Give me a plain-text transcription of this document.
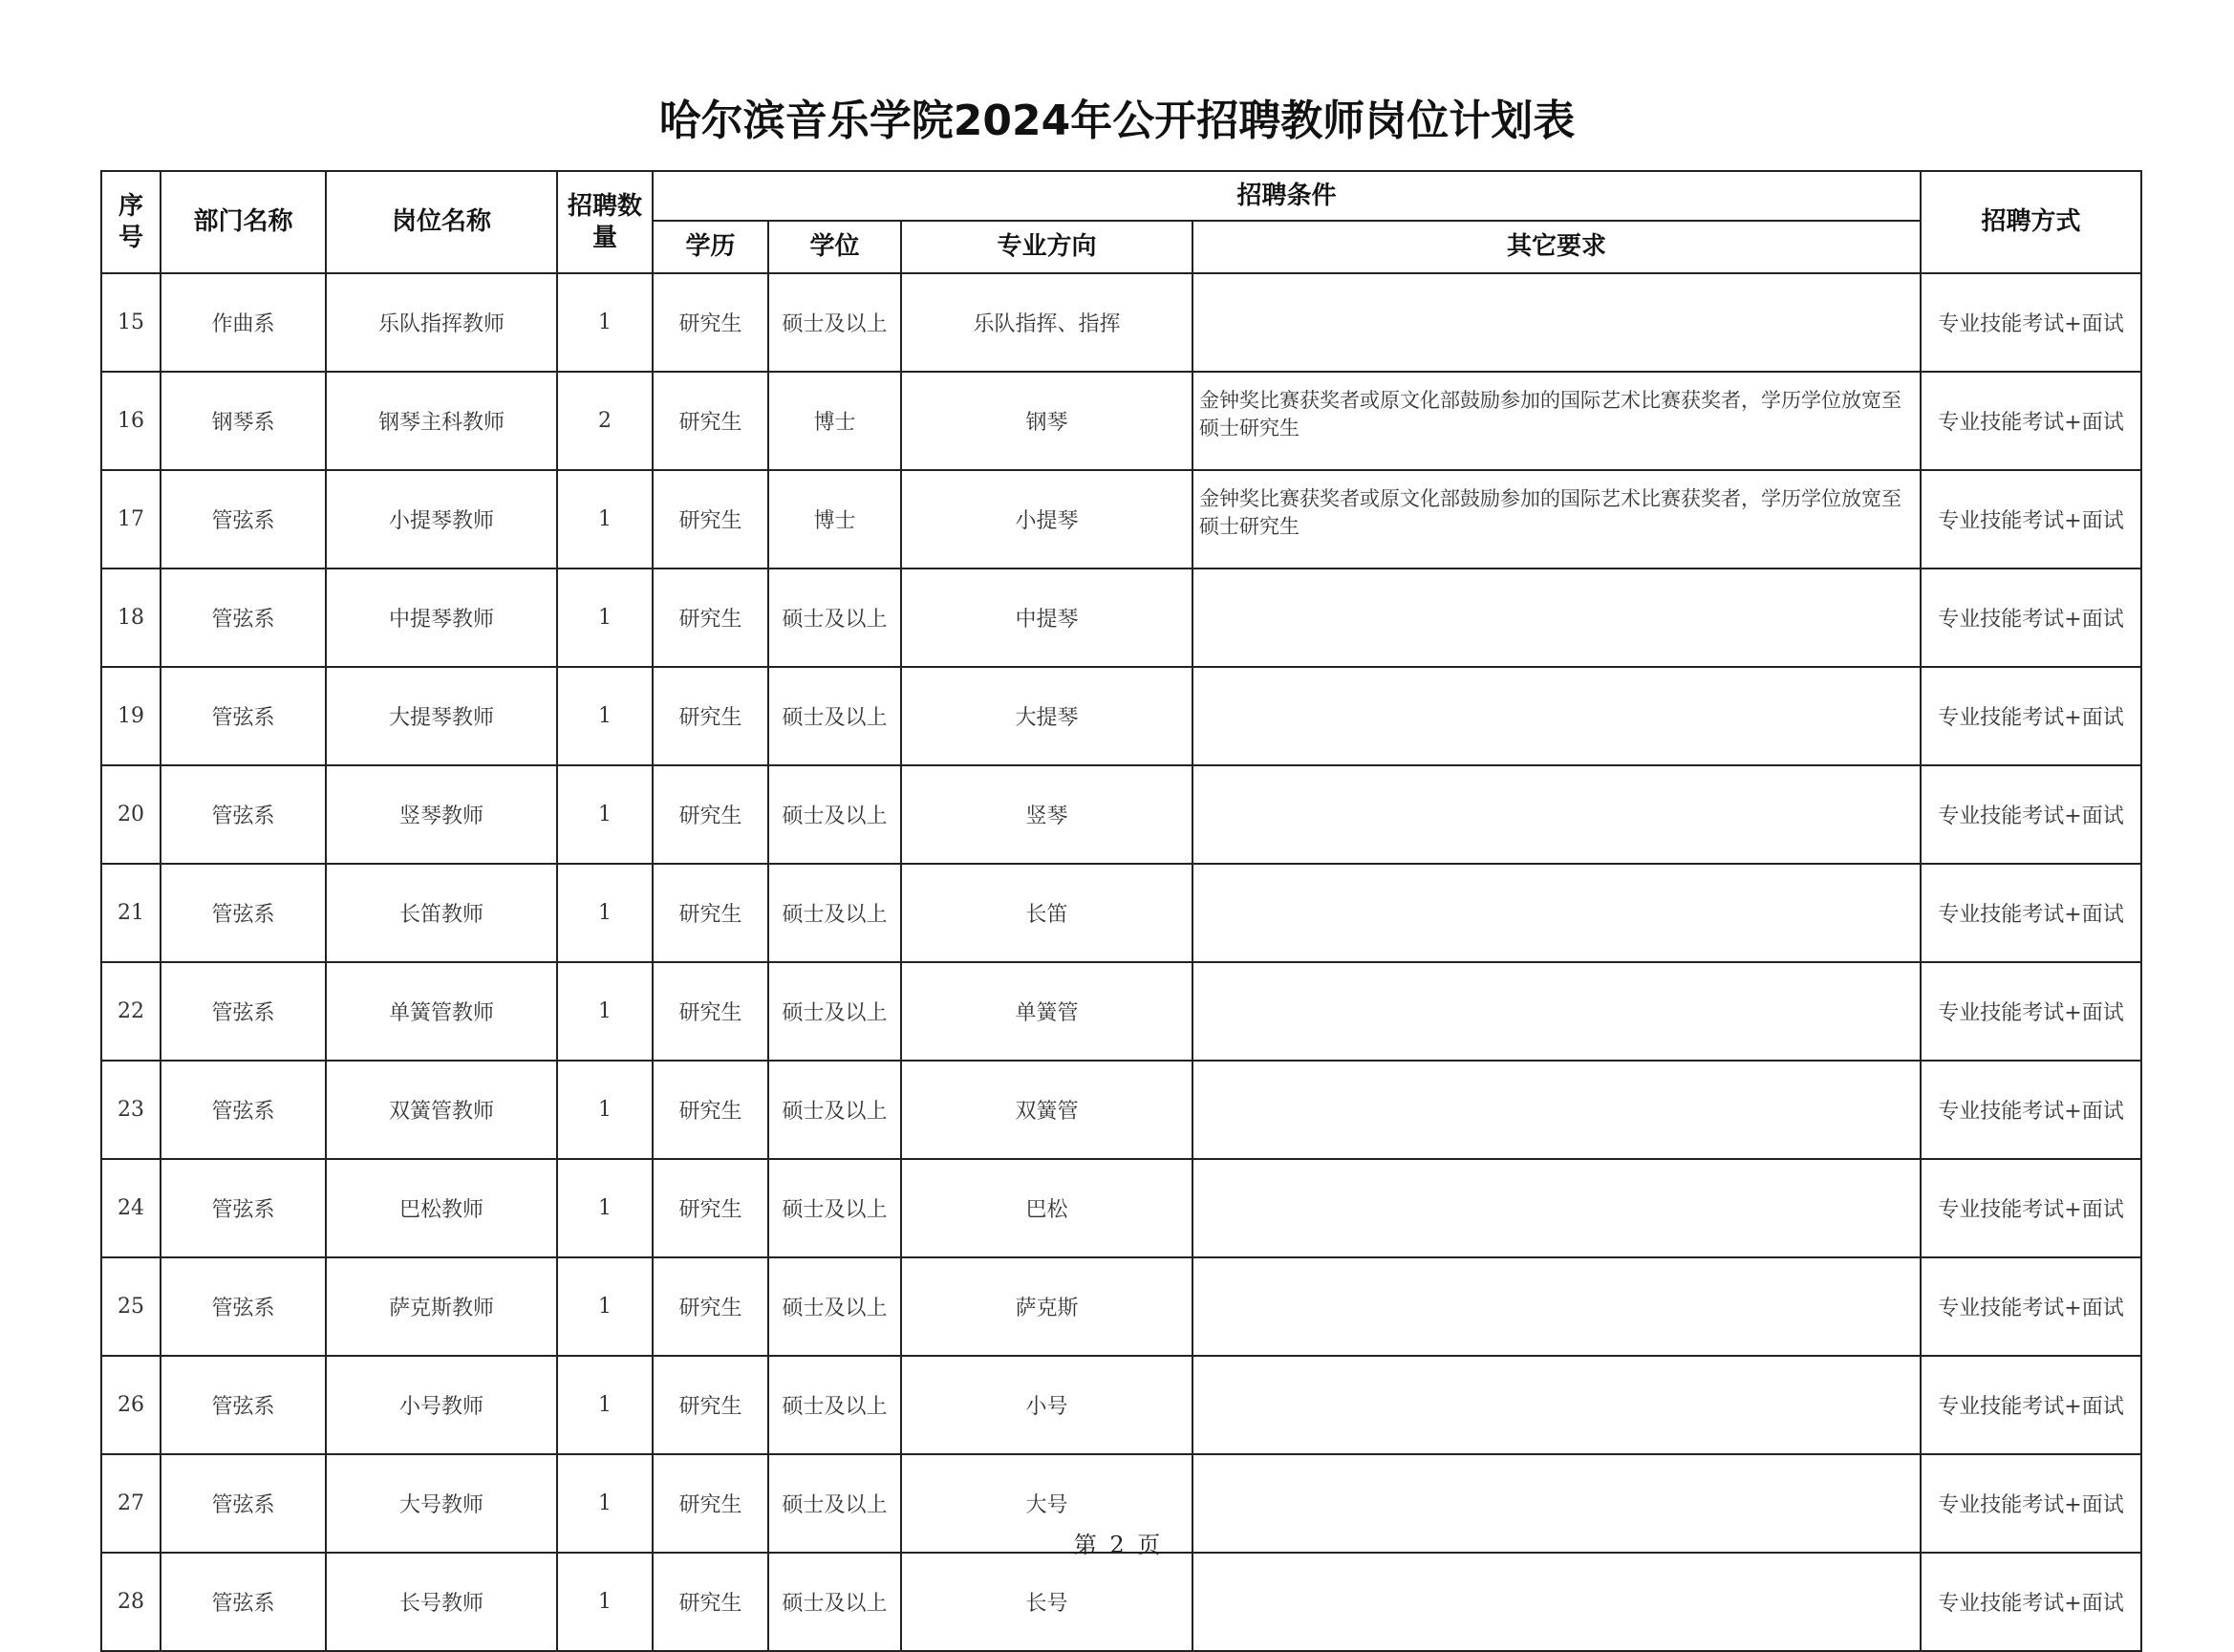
哈尔滨音乐学院2024年公开招聘教师岗位计划表
序号	部门名称	岗位名称	招聘数量	招聘条件				招聘方式
				学历	学位	专业方向	其它要求	
15	作曲系	乐队指挥教师	1	研究生	硕士及以上	乐队指挥、指挥		专业技能考试+面试
16	钢琴系	钢琴主科教师	2	研究生	博士	钢琴	金钟奖比赛获奖者或原文化部鼓励参加的国际艺术比赛获奖者，学历学位放宽至硕士研究生	专业技能考试+面试
17	管弦系	小提琴教师	1	研究生	博士	小提琴	金钟奖比赛获奖者或原文化部鼓励参加的国际艺术比赛获奖者，学历学位放宽至硕士研究生	专业技能考试+面试
18	管弦系	中提琴教师	1	研究生	硕士及以上	中提琴		专业技能考试+面试
19	管弦系	大提琴教师	1	研究生	硕士及以上	大提琴		专业技能考试+面试
20	管弦系	竖琴教师	1	研究生	硕士及以上	竖琴		专业技能考试+面试
21	管弦系	长笛教师	1	研究生	硕士及以上	长笛		专业技能考试+面试
22	管弦系	单簧管教师	1	研究生	硕士及以上	单簧管		专业技能考试+面试
23	管弦系	双簧管教师	1	研究生	硕士及以上	双簧管		专业技能考试+面试
24	管弦系	巴松教师	1	研究生	硕士及以上	巴松		专业技能考试+面试
25	管弦系	萨克斯教师	1	研究生	硕士及以上	萨克斯		专业技能考试+面试
26	管弦系	小号教师	1	研究生	硕士及以上	小号		专业技能考试+面试
27	管弦系	大号教师	1	研究生	硕士及以上	大号		专业技能考试+面试
28	管弦系	长号教师	1	研究生	硕士及以上	长号		专业技能考试+面试
第 2 页
